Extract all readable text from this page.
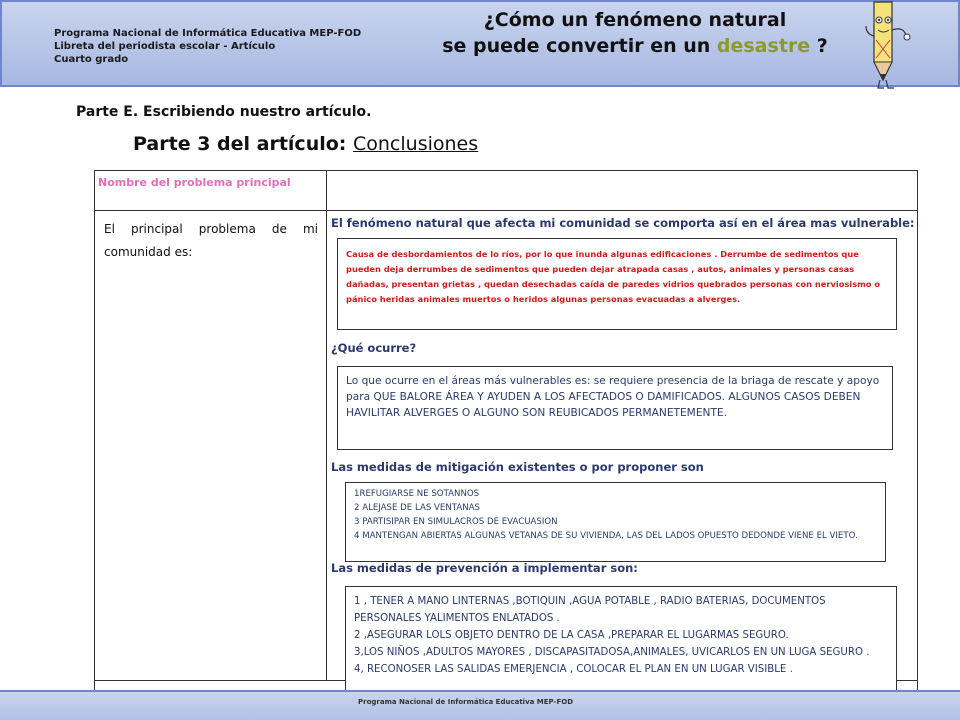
Programa Nacional de Informática Educativa MEP-FOD
Libreta del periodista escolar - Artículo
Cuarto grado
¿Cómo un fenómeno natural
se puede convertir en un desastre ?
Parte E. Escribiendo nuestro artículo.
Parte 3 del artículo: Conclusiones
Nombre del problema principal
El principal problema de mi comunidad es:
El fenómeno natural que afecta mi comunidad se comporta así en el área mas vulnerable:
Causa de desbordamientos de lo ríos, por lo que inunda algunas edificaciones . Derrumbe de sedimentos que pueden deja derrumbes de sedimentos que pueden dejar atrapada casas , autos, animales y personas casas dañadas, presentan grietas , quedan desechadas caída de paredes vidrios quebrados personas con nerviosismo o pánico heridas animales muertos o heridos algunas personas evacuadas a alverges.
¿Qué ocurre?
Lo que ocurre en el áreas más vulnerables es: se requiere presencia de la briaga de rescate y apoyo para QUE BALORE ÁREA Y AYUDEN A LOS AFECTADOS O DAMIFICADOS. ALGUNOS CASOS DEBEN HAVILITAR ALVERGES O ALGUNO SON REUBICADOS PERMANETEMENTE.
Las medidas de mitigación existentes o por proponer son
1REFUGIARSE NE SOTANNOS
2 ALEJASE DE LAS VENTANAS
3 PARTISIPAR EN SIMULACROS DE EVACUASION
4 MANTENGAN ABIERTAS ALGUNAS VETANAS DE SU VIVIENDA, LAS DEL LADOS OPUESTO DEDONDE VIENE EL VIETO.
Las medidas de prevención a implementar son:
1 , TENER A MANO LINTERNAS ,BOTIQUIN ,AGUA POTABLE , RADIO BATERIAS, DOCUMENTOS PERSONALES YALIMENTOS ENLATADOS .
2 ,ASEGURAR LOLS OBJETO DENTRO DE LA CASA ,PREPARAR EL LUGARMAS SEGURO.
3,LOS NIÑOS ,ADULTOS MAYORES , DISCAPASITADOSA,ANIMALES, UVICARLOS EN UN LUGA SEGURO .
4, RECONOSER LAS SALIDAS EMERJENCIA , COLOCAR EL PLAN EN UN LUGAR VISIBLE .
Programa Nacional de Informática Educativa MEP-FOD
